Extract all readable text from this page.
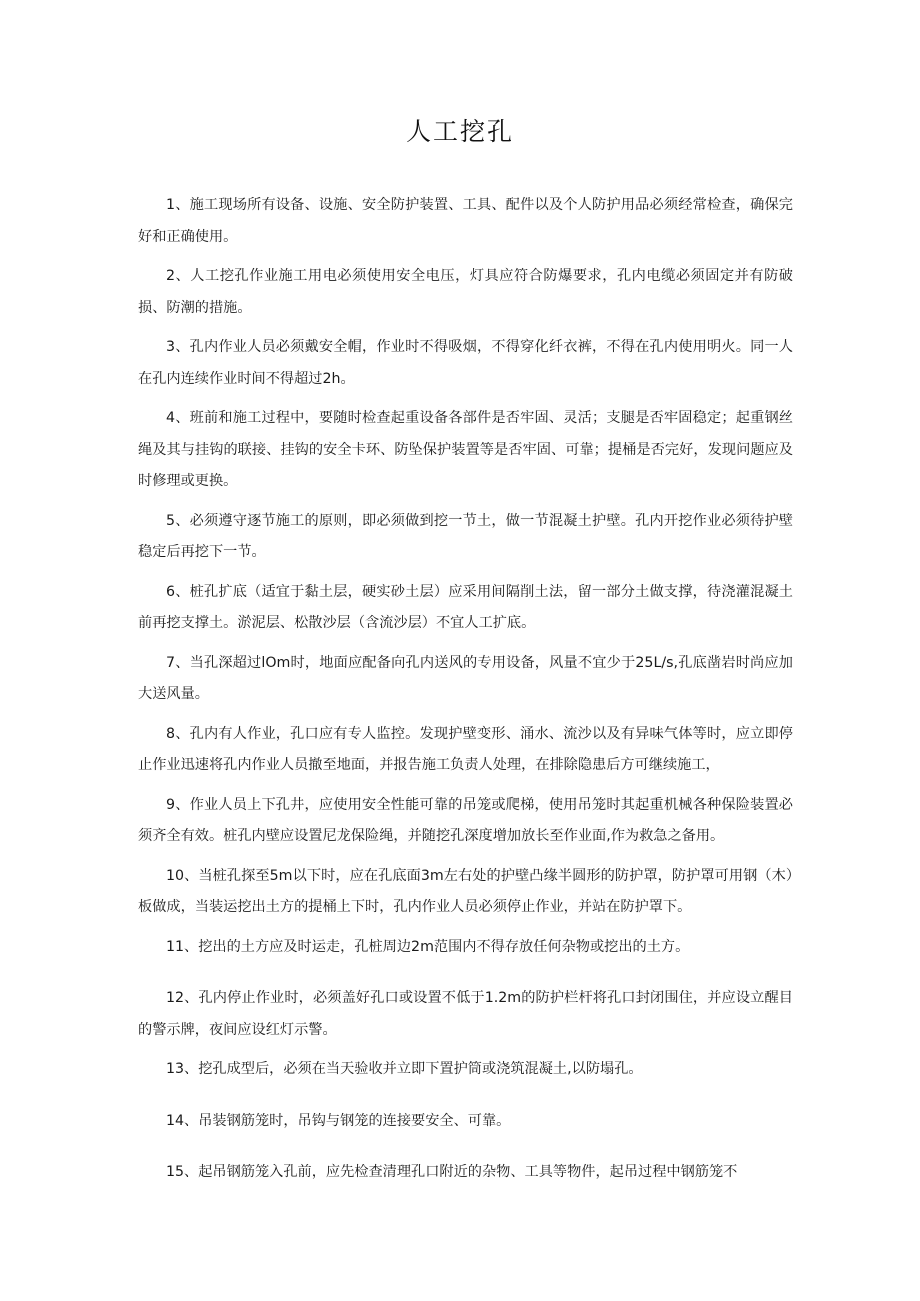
人工挖孔

1、施工现场所有设备、设施、安全防护装置、工具、配件以及个人防护用品必须经常检查，确保完好和正确使用。

2、人工挖孔作业施工用电必须使用安全电压，灯具应符合防爆要求，孔内电缆必须固定并有防破损、防潮的措施。

3、孔内作业人员必须戴安全帽，作业时不得吸烟，不得穿化纤衣裤，不得在孔内使用明火。同一人在孔内连续作业时间不得超过2h。

4、班前和施工过程中，要随时检查起重设备各部件是否牢固、灵活；支腿是否牢固稳定；起重钢丝绳及其与挂钩的联接、挂钩的安全卡环、防坠保护装置等是否牢固、可靠；提桶是否完好，发现问题应及时修理或更换。

5、必须遵守逐节施工的原则，即必须做到挖一节土，做一节混凝土护壁。孔内开挖作业必须待护壁稳定后再挖下一节。

6、桩孔扩底（适宜于黏土层，硬实砂土层）应采用间隔削土法，留一部分土做支撑，待浇灌混凝土前再挖支撑土。淤泥层、松散沙层（含流沙层）不宜人工扩底。

7、当孔深超过lOm时，地面应配备向孔内送风的专用设备，风量不宜少于25L/s,孔底凿岩时尚应加大送风量。

8、孔内有人作业，孔口应有专人监控。发现护壁变形、涌水、流沙以及有异味气体等时，应立即停止作业迅速将孔内作业人员撤至地面，并报告施工负责人处理，在排除隐患后方可继续施工，

9、作业人员上下孔井，应使用安全性能可靠的吊笼或爬梯，使用吊笼时其起重机械各种保险装置必须齐全有效。桩孔内壁应设置尼龙保险绳，并随挖孔深度增加放长至作业面,作为救急之备用。

10、当桩孔探至5m以下时，应在孔底面3m左右处的护壁凸缘半圆形的防护罩，防护罩可用钢（木）板做成，当装运挖出土方的提桶上下时，孔内作业人员必须停止作业，并站在防护罩下。

11、挖出的土方应及时运走，孔桩周边2m范围内不得存放任何杂物或挖出的土方。

12、孔内停止作业时，必须盖好孔口或设置不低于1.2m的防护栏杆将孔口封闭围住，并应设立醒目的警示牌，夜间应设红灯示警。

13、挖孔成型后，必须在当天验收并立即下置护筒或浇筑混凝土,以防塌孔。

14、吊装钢筋笼时，吊钩与钢笼的连接要安全、可靠。

15、起吊钢筋笼入孔前，应先检查清理孔口附近的杂物、工具等物件，起吊过程中钢筋笼不
